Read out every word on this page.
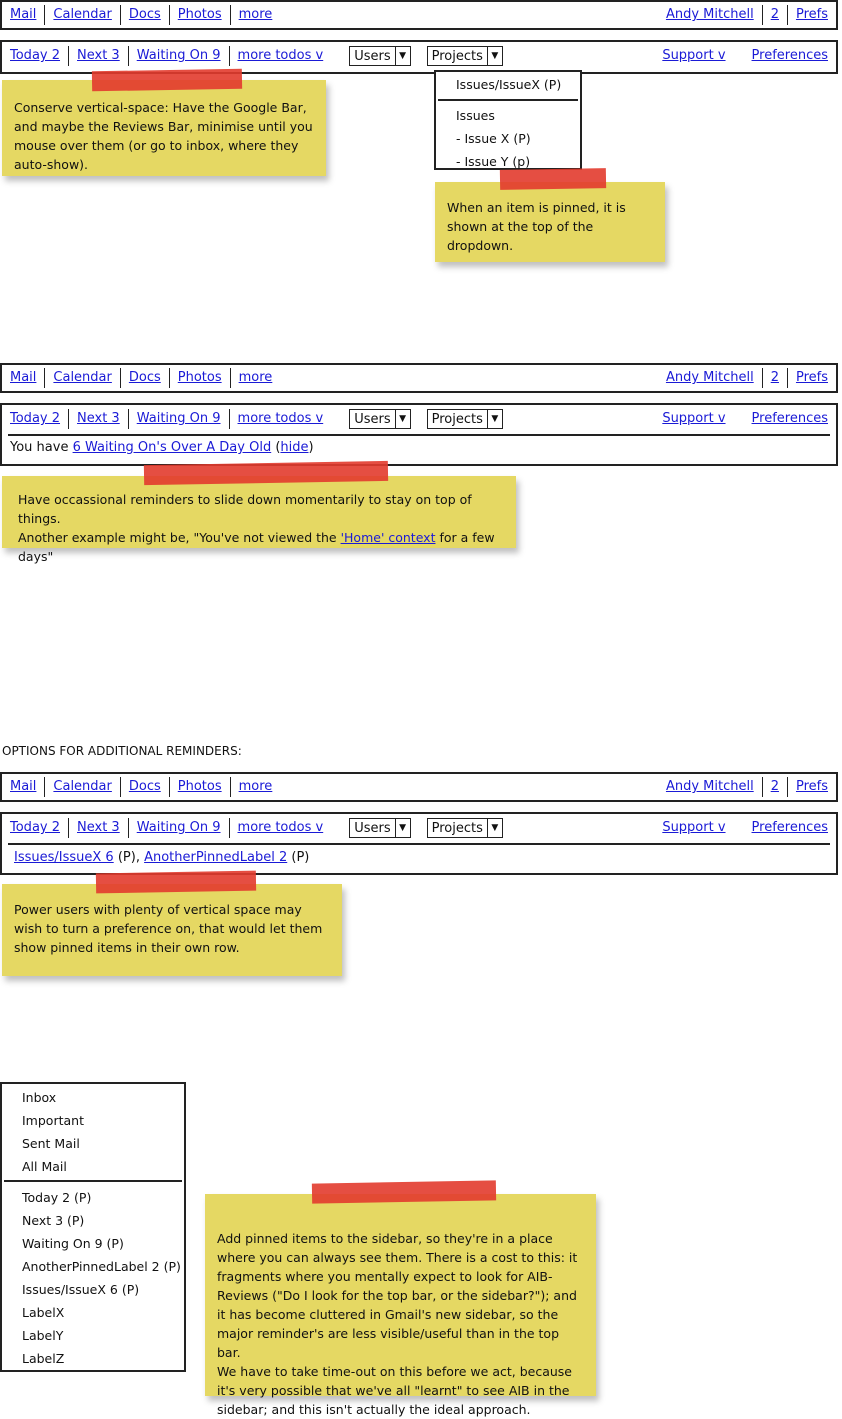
Mail	Calendar	Docs	Photos	more	Andy Mitchell	2	Prefs
Today 2	Next 3	Waiting On 9	more todos v	Users ▼ Projects ▼	Support v	Preferences
Issues/IssueX (P)
Issues
- Issue X (P)
- Issue Y (p)
Conserve vertical-space: Have the Google Bar, and maybe the Reviews Bar, minimise until you mouse over them (or go to inbox, where they auto-show).
When an item is pinned, it is shown at the top of the dropdown.
Mail	Calendar	Docs	Photos	more	Andy Mitchell	2	Prefs
Today 2	Next 3	Waiting On 9	more todos v	Users ▼ Projects ▼	Support v	Preferences
You have 6 Waiting On's Over A Day Old (hide)
Have occassional reminders to slide down momentarily to stay on top of things.
Another example might be, "You've not viewed the 'Home' context for a few days"
OPTIONS FOR ADDITIONAL REMINDERS:
Mail	Calendar	Docs	Photos	more	Andy Mitchell	2	Prefs
Today 2	Next 3	Waiting On 9	more todos v	Users ▼ Projects ▼	Support v	Preferences
Issues/IssueX 6 (P), AnotherPinnedLabel 2 (P)
Power users with plenty of vertical space may wish to turn a preference on, that would let them show pinned items in their own row.
Inbox
Important
Sent Mail
All Mail
Today 2 (P)
Next 3 (P)
Waiting On 9 (P)
AnotherPinnedLabel 2 (P)
Issues/IssueX 6 (P)
LabelX
LabelY
LabelZ

Add pinned items to the sidebar, so they're in a place where you can always see them. There is a cost to this: it fragments where you mentally expect to look for AIB-Reviews ("Do I look for the top bar, or the sidebar?"); and it has become cluttered in Gmail's new sidebar, so the major reminder's are less visible/useful than in the top bar.
We have to take time-out on this before we act, because it's very possible that we've all "learnt" to see AIB in the sidebar; and this isn't actually the ideal approach.
